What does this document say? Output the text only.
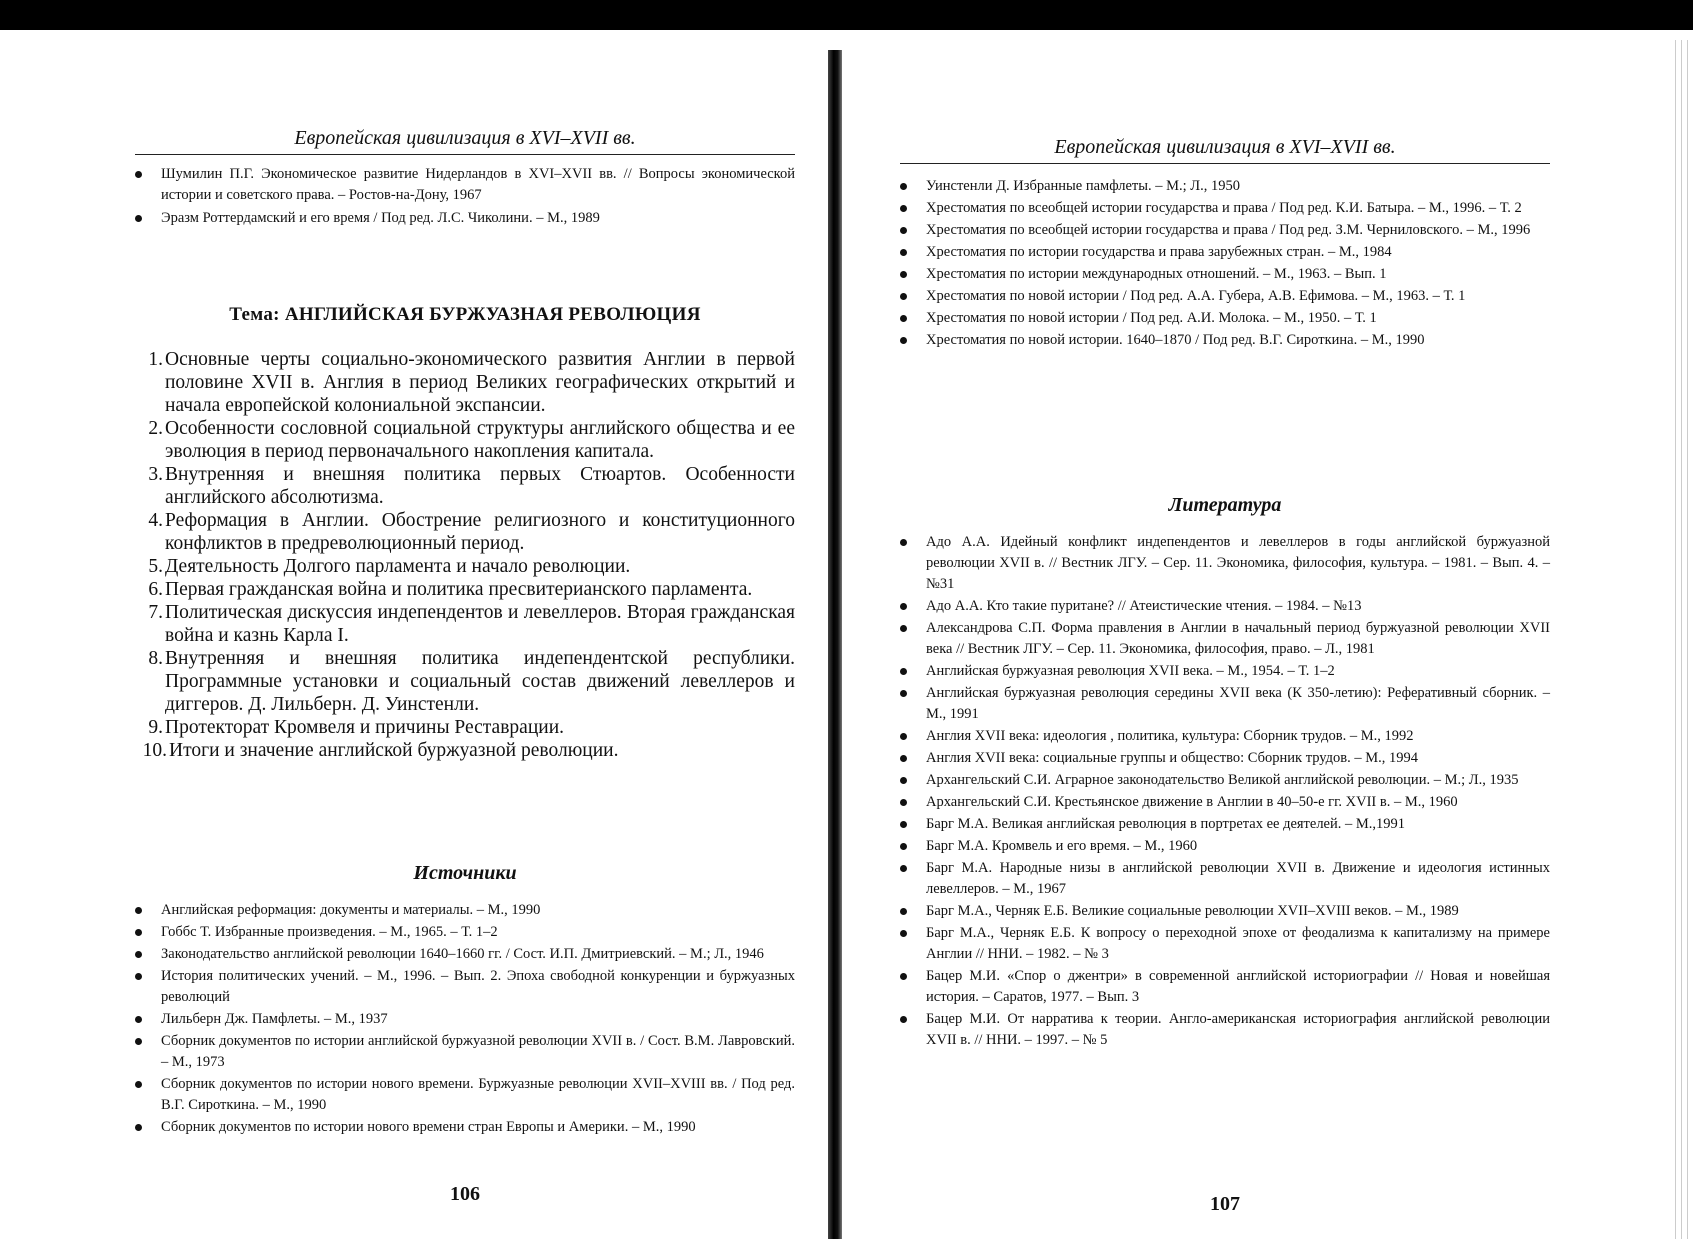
Европейская цивилизация в XVI–XVII вв.
Шумилин П.Г. Экономическое развитие Нидерландов в XVI–XVII вв. // Вопросы экономической истории и советского права. – Ростов-на-Дону, 1967
Эразм Роттердамский и его время / Под ред. Л.С. Чиколини. – М., 1989
Тема: АНГЛИЙСКАЯ БУРЖУАЗНАЯ РЕВОЛЮЦИЯ
1. Основные черты социально-экономического развития Англии в первой половине XVII в. Англия в период Великих географических открытий и начала европейской колониальной экспансии.
2. Особенности сословной социальной структуры английского общества и ее эволюция в период первоначального накопления капитала.
3. Внутренняя и внешняя политика первых Стюартов. Особенности английского абсолютизма.
4. Реформация в Англии. Обострение религиозного и конституционного конфликтов в предреволюционный период.
5. Деятельность Долгого парламента и начало революции.
6. Первая гражданская война и политика пресвитерианского парламента.
7. Политическая дискуссия индепендентов и левеллеров. Вторая гражданская война и казнь Карла I.
8. Внутренняя и внешняя политика индепендентской республики. Программные установки и социальный состав движений левеллеров и диггеров. Д. Лильберн. Д. Уинстенли.
9. Протекторат Кромвеля и причины Реставрации.
10. Итоги и значение английской буржуазной революции.
Источники
Английская реформация: документы и материалы. – М., 1990
Гоббс Т. Избранные произведения. – М., 1965. – Т. 1–2
Законодательство английской революции 1640–1660 гг. / Сост. И.П. Дмитриевский. – М.; Л., 1946
История политических учений. – М., 1996. – Вып. 2. Эпоха свободной конкуренции и буржуазных революций
Лильберн Дж. Памфлеты. – М., 1937
Сборник документов по истории английской буржуазной революции XVII в. / Сост. В.М. Лавровский. – М., 1973
Сборник документов по истории нового времени. Буржуазные революции XVII–XVIII вв. / Под ред. В.Г. Сироткина. – М., 1990
Сборник документов по истории нового времени стран Европы и Америки. – М., 1990
106
Европейская цивилизация в XVI–XVII вв.
Уинстенли Д. Избранные памфлеты. – М.; Л., 1950
Хрестоматия по всеобщей истории государства и права / Под ред. К.И. Батыра. – М., 1996. – Т. 2
Хрестоматия по всеобщей истории государства и права / Под ред. З.М. Черниловского. – М., 1996
Хрестоматия по истории государства и права зарубежных стран. – М., 1984
Хрестоматия по истории международных отношений. – М., 1963. – Вып. 1
Хрестоматия по новой истории / Под ред. А.А. Губера, А.В. Ефимова. – М., 1963. – Т. 1
Хрестоматия по новой истории / Под ред. А.И. Молока. – М., 1950. – Т. 1
Хрестоматия по новой истории. 1640–1870 / Под ред. В.Г. Сироткина. – М., 1990
Литература
Адо А.А. Идейный конфликт индепендентов и левеллеров в годы английской буржуазной революции XVII в. // Вестник ЛГУ. – Сер. 11. Экономика, философия, культура. – 1981. – Вып. 4. – №31
Адо А.А. Кто такие пуритане? // Атеистические чтения. – 1984. – №13
Александрова С.П. Форма правления в Англии в начальный период буржуазной революции XVII века // Вестник ЛГУ. – Сер. 11. Экономика, философия, право. – Л., 1981
Английская буржуазная революция XVII века. – М., 1954. – Т. 1–2
Английская буржуазная революция середины XVII века (К 350-летию): Реферативный сборник. – М., 1991
Англия XVII века: идеология , политика, культура: Сборник трудов. – М., 1992
Англия XVII века: социальные группы и общество: Сборник трудов. – М., 1994
Архангельский С.И. Аграрное законодательство Великой английской революции. – М.; Л., 1935
Архангельский С.И. Крестьянское движение в Англии в 40–50-е гг. XVII в. – М., 1960
Барг М.А. Великая английская революция в портретах ее деятелей. – М.,1991
Барг М.А. Кромвель и его время. – М., 1960
Барг М.А. Народные низы в английской революции XVII в. Движение и идеология истинных левеллеров. – М., 1967
Барг М.А., Черняк Е.Б. Великие социальные революции XVII–XVIII веков. – М., 1989
Барг М.А., Черняк Е.Б. К вопросу о переходной эпохе от феодализма к капитализму на примере Англии // ННИ. – 1982. – № 3
Бацер М.И. «Спор о джентри» в современной английской историографии // Новая и новейшая история. – Саратов, 1977. – Вып. 3
Бацер М.И. От нарратива к теории. Англо-американская историография английской революции XVII в. // ННИ. – 1997. – № 5
107
